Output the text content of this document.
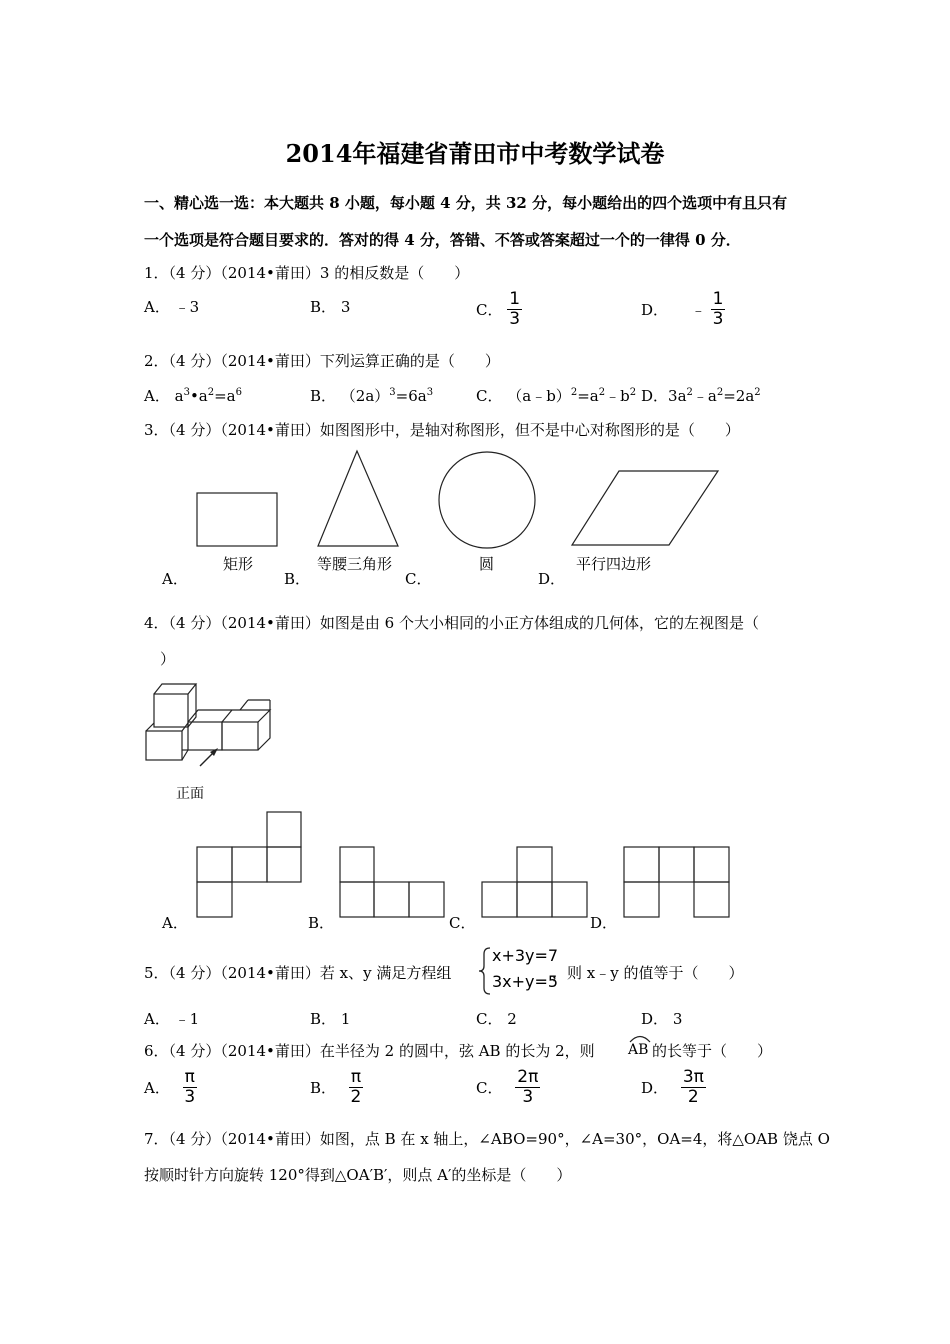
2014年福建省莆田市中考数学试卷
一、精心选一选：本大题共 8 小题，每小题 4 分，共 32 分，每小题给出的四个选项中有且只有
一个选项是符合题目要求的．答对的得 4 分，答错、不答或答案超过一个的一律得 0 分．
1．（4 分）（2014•莆田）3 的相反数是（　　）
A． ﹣3	B． 3	C． $\frac{1}{3}$	D． ﹣ $\frac{1}{3}$
2．（4 分）（2014•莆田）下列运算正确的是（　　）
A． $a^3•a^2=a^6$	B． $(2a)^3=6a^3$	C． $(a﹣b)^2=a^2﹣b^2$ D．$3a^2﹣a^2=2a^2$
3．（4 分）（2014•莆田）如图图形中，是轴对称图形，但不是中心对称图形的是（　　）
矩形	等腰三角形	圆	平行四边形
A．	B．	C．	D．
4．（4 分）（2014•莆田）如图是由 6 个大小相同的小正方体组成的几何体，它的左视图是（
）
正面
A．	B．	C．	D．
5．（4 分）（2014•莆田）若 x、y 满足方程组
x+3y=7
3x+y=5
，则 x﹣y 的值等于（　　）
A． ﹣1	B． 1	C． 2	D． 3
6．（4 分）（2014•莆田）在半径为 2 的圆中，弦 AB 的长为 2，则 AB 的长等于（　　）
A． $\frac{\pi}{3}$	B． $\frac{\pi}{2}$	C． $\frac{2\pi}{3}$	D． $\frac{3\pi}{2}$
7．（4 分）（2014•莆田）如图，点 B 在 x 轴上，∠ABO=90°，∠A=30°，OA=4，将△OAB 饶点 O
按顺时针方向旋转 120°得到△OA′B′，则点 A′的坐标是（　　）
